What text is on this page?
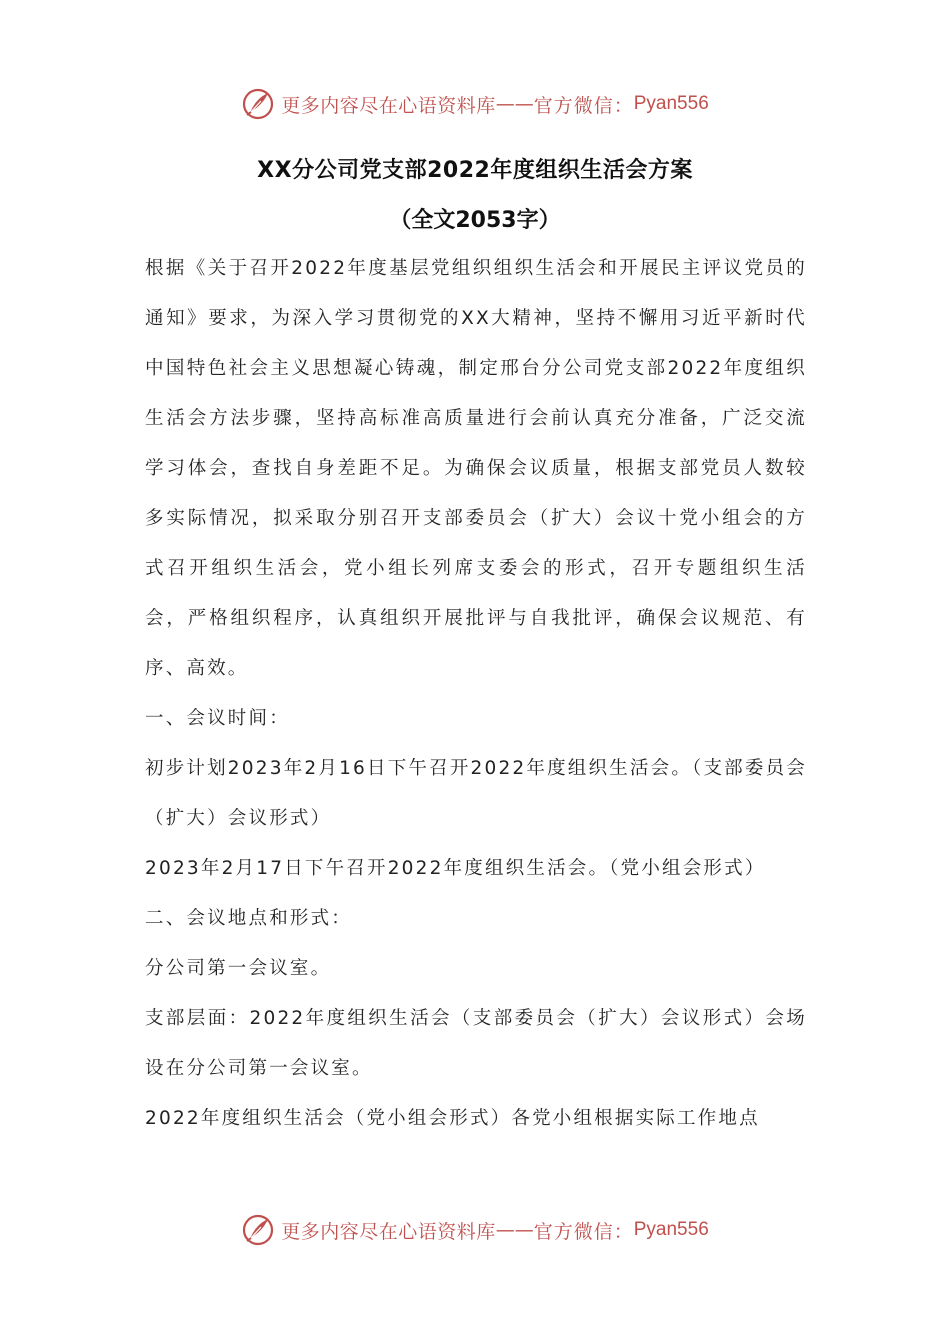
更多内容尽在心语资料库 —— 官方微信： Pyan556
XX分公司党支部2022年度组织生活会方案
（全文2053字）

根据《关于召开2022年度基层党组织组织生活会和开展民主评议党员的通知》要求，为深入学习贯彻党的XX大精神，坚持不懈用习近平新时代中国特色社会主义思想凝心铸魂，制定邢台分公司党支部2022年度组织生活会方法步骤，坚持高标准高质量进行会前认真充分准备，广泛交流学习体会，查找自身差距不足。为确保会议质量，根据支部党员人数较多实际情况，拟采取分别召开支部委员会（扩大）会议十党小组会的方式召开组织生活会，党小组长列席支委会的形式，召开专题组织生活会，严格组织程序，认真组织开展批评与自我批评，确保会议规范、有序、高效。

一、会议时间：

初步计划2023年2月16日下午召开2022年度组织生活会。（支部委员会（扩大）会议形式）

2023年2月17日下午召开2022年度组织生活会。（党小组会形式）

二、会议地点和形式：

分公司第一会议室。

支部层面：2022年度组织生活会（支部委员会（扩大）会议形式）会场设在分公司第一会议室。

2022年度组织生活会（党小组会形式）各党小组根据实际工作地点

更多内容尽在心语资料库 —— 官方微信： Pyan556
